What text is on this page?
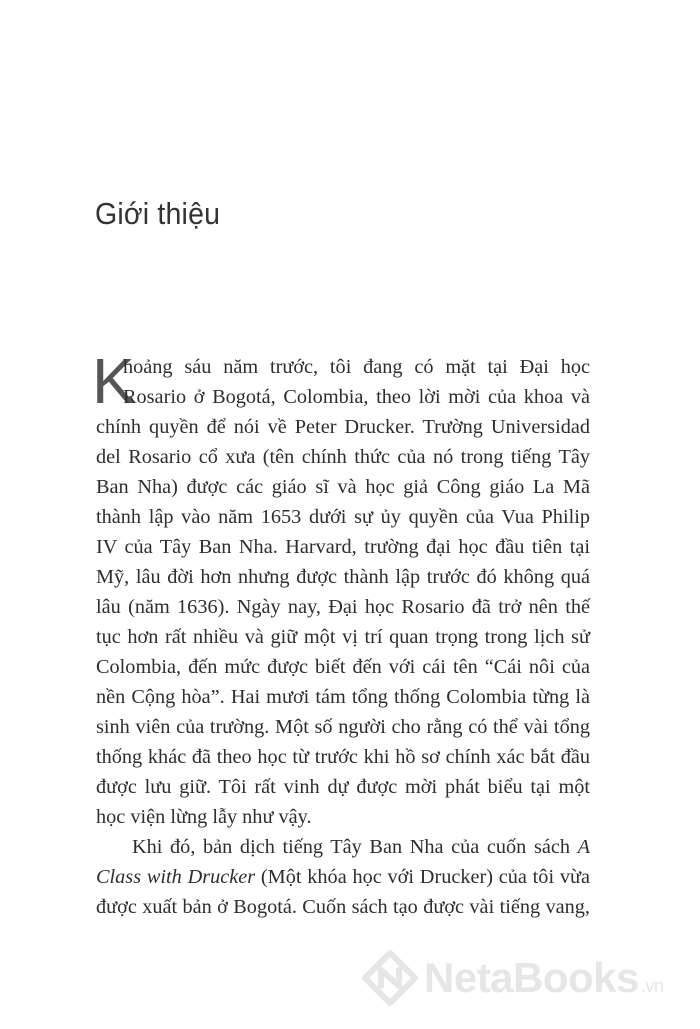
Giới thiệu
K
hoảng sáu năm trước, tôi đang có mặt tại Đại học
Rosario ở Bogotá, Colombia, theo lời mời của khoa và
chính quyền để nói về Peter Drucker. Trường Universidad
del Rosario cổ xưa (tên chính thức của nó trong tiếng Tây
Ban Nha) được các giáo sĩ và học giả Công giáo La Mã
thành lập vào năm 1653 dưới sự ủy quyền của Vua Philip
IV của Tây Ban Nha. Harvard, trường đại học đầu tiên tại
Mỹ, lâu đời hơn nhưng được thành lập trước đó không quá
lâu (năm 1636). Ngày nay, Đại học Rosario đã trở nên thế
tục hơn rất nhiều và giữ một vị trí quan trọng trong lịch sử
Colombia, đến mức được biết đến với cái tên “Cái nôi của
nền Cộng hòa”. Hai mươi tám tổng thống Colombia từng là
sinh viên của trường. Một số người cho rằng có thể vài tổng
thống khác đã theo học từ trước khi hồ sơ chính xác bắt đầu
được lưu giữ. Tôi rất vinh dự được mời phát biểu tại một
học viện lừng lẫy như vậy.
Khi đó, bản dịch tiếng Tây Ban Nha của cuốn sách A
Class with Drucker (Một khóa học với Drucker) của tôi vừa
được xuất bản ở Bogotá. Cuốn sách tạo được vài tiếng vang,
NetaBooks .vn
